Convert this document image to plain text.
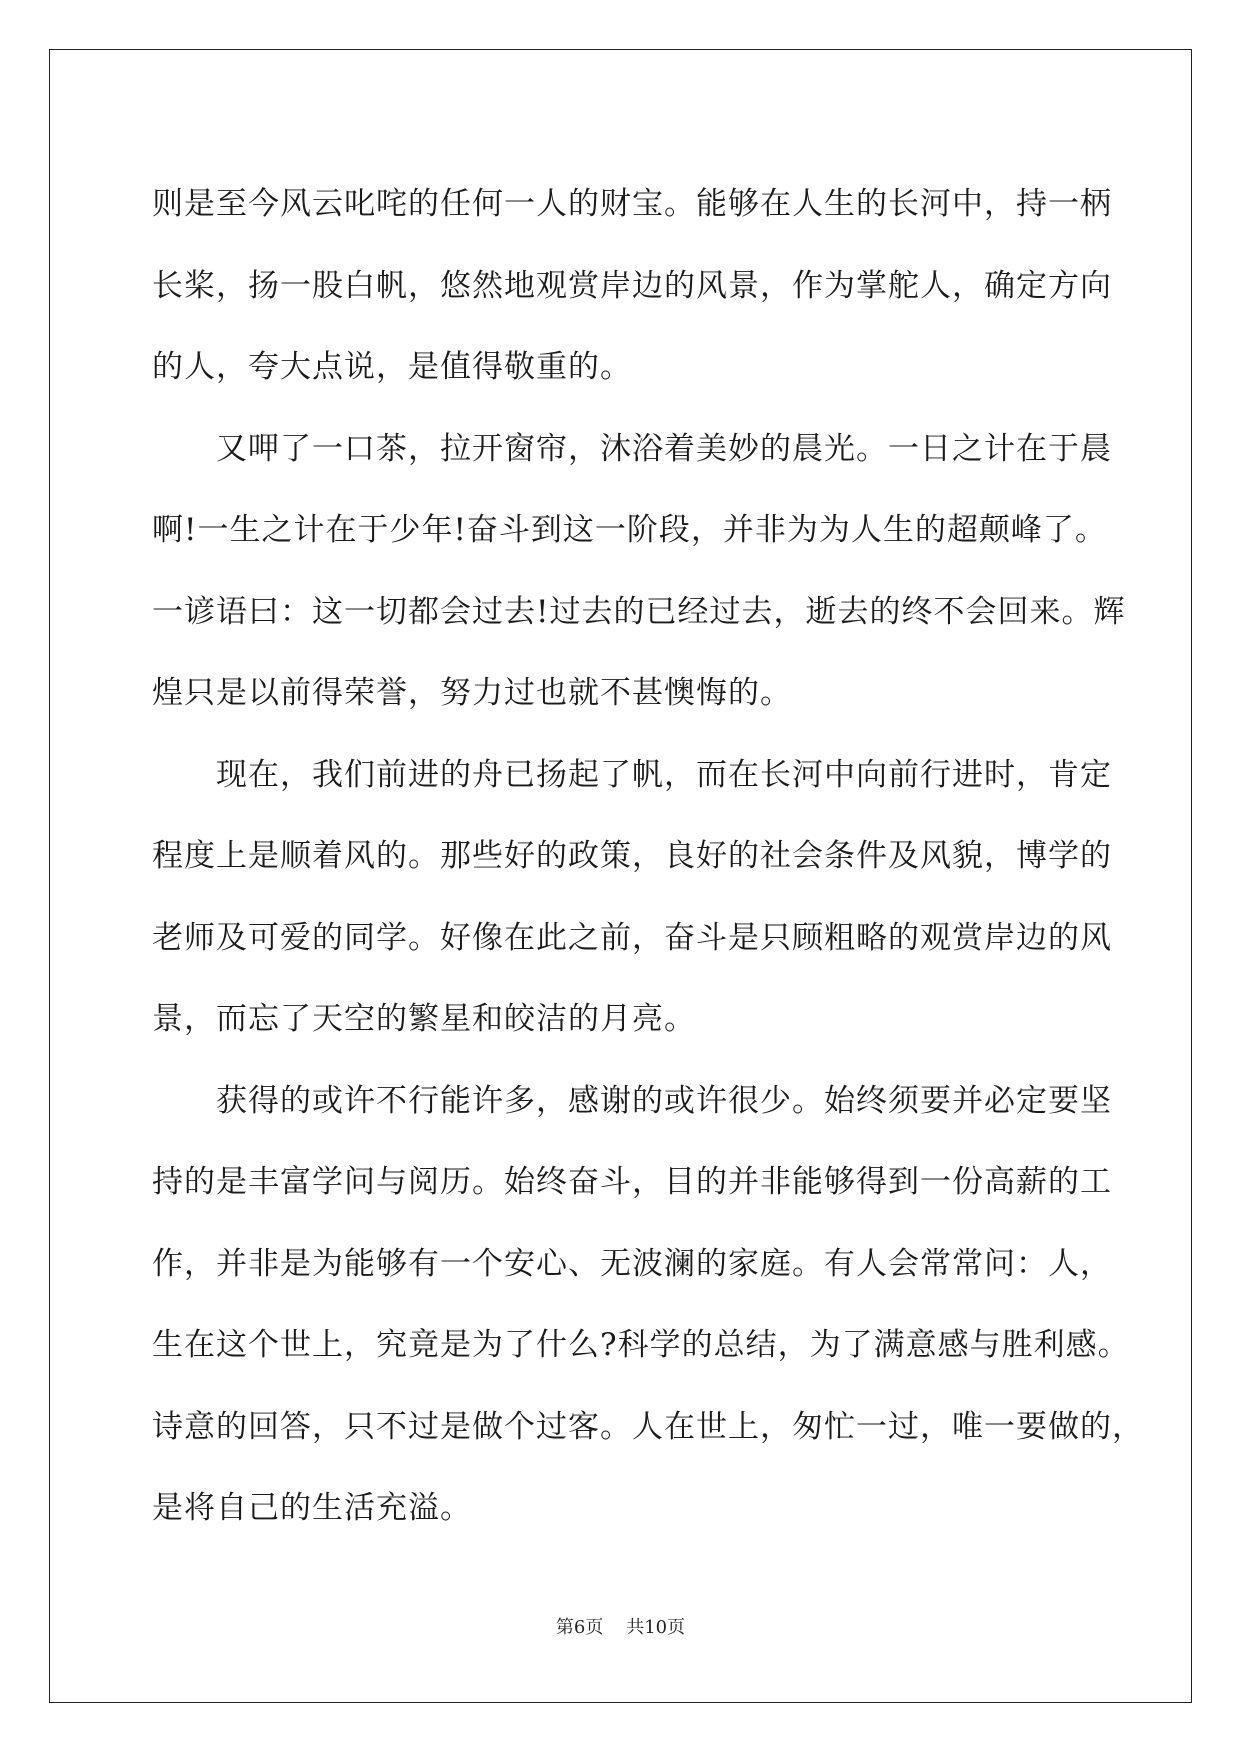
则是至今风云叱咤的任何一人的财宝。能够在人生的长河中，持一柄
长桨，扬一股白帆，悠然地观赏岸边的风景，作为掌舵人，确定方向
的人，夸大点说，是值得敬重的。
又呷了一口茶，拉开窗帘，沐浴着美妙的晨光。一日之计在于晨
啊!一生之计在于少年!奋斗到这一阶段，并非为为人生的超颠峰了。
一谚语曰：这一切都会过去!过去的已经过去，逝去的终不会回来。辉
煌只是以前得荣誉，努力过也就不甚懊悔的。
现在，我们前进的舟已扬起了帆，而在长河中向前行进时，肯定
程度上是顺着风的。那些好的政策，良好的社会条件及风貌，博学的
老师及可爱的同学。好像在此之前，奋斗是只顾粗略的观赏岸边的风
景，而忘了天空的繁星和皎洁的月亮。
获得的或许不行能许多，感谢的或许很少。始终须要并必定要坚
持的是丰富学问与阅历。始终奋斗，目的并非能够得到一份高薪的工
作，并非是为能够有一个安心、无波澜的家庭。有人会常常问：人，
生在这个世上，究竟是为了什么?科学的总结，为了满意感与胜利感。
诗意的回答，只不过是做个过客。人在世上，匆忙一过，唯一要做的，
是将自己的生活充溢。
第6页 共10页
